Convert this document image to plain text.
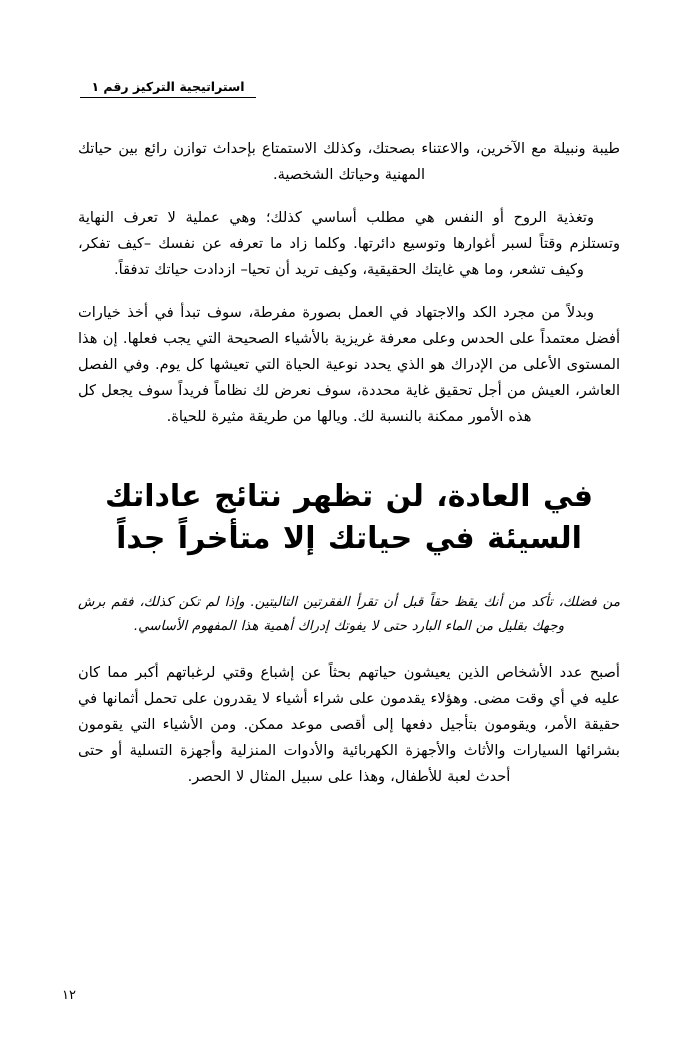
استراتيجية التركيز رقم ١

طيبة ونبيلة مع الآخرين، والاعتناء بصحتك، وكذلك الاستمتاع بإحداث توازن رائع بين حياتك المهنية وحياتك الشخصية.

وتغذية الروح أو النفس هي مطلب أساسي كذلك؛ وهي عملية لا تعرف النهاية وتستلزم وقتاً لسبر أغوارها وتوسيع دائرتها. وكلما زاد ما تعرفه عن نفسك –كيف تفكر، وكيف تشعر، وما هي غايتك الحقيقية، وكيف تريد أن تحيا– ازدادت حياتك تدفقاً.

وبدلاً من مجرد الكد والاجتهاد في العمل بصورة مفرطة، سوف تبدأ في أخذ خيارات أفضل معتمداً على الحدس وعلى معرفة غريزية بالأشياء الصحيحة التي يجب فعلها. إن هذا المستوى الأعلى من الإدراك هو الذي يحدد نوعية الحياة التي تعيشها كل يوم. وفي الفصل العاشر، العيش من أجل تحقيق غاية محددة، سوف نعرض لك نظاماً فريداً سوف يجعل كل هذه الأمور ممكنة بالنسبة لك. ويالها من طريقة مثيرة للحياة.

في العادة، لن تظهر نتائج عاداتك
السيئة في حياتك إلا متأخراً جداً

من فضلك، تأكد من أنك يقظ حقاً قبل أن تقرأ الفقرتين التاليتين. وإذا لم تكن كذلك، فقم برش وجهك بقليل من الماء البارد حتى لا يفوتك إدراك أهمية هذا المفهوم الأساسي.

أصبح عدد الأشخاص الذين يعيشون حياتهم بحثاً عن إشباع وقتي لرغباتهم أكبر مما كان عليه في أي وقت مضى. وهؤلاء يقدمون على شراء أشياء لا يقدرون على تحمل أثمانها في حقيقة الأمر، ويقومون بتأجيل دفعها إلى أقصى موعد ممكن. ومن الأشياء التي يقومون بشرائها السيارات والأثاث والأجهزة الكهربائية والأدوات المنزلية وأجهزة التسلية أو حتى أحدث لعبة للأطفال، وهذا على سبيل المثال لا الحصر.

١٢
